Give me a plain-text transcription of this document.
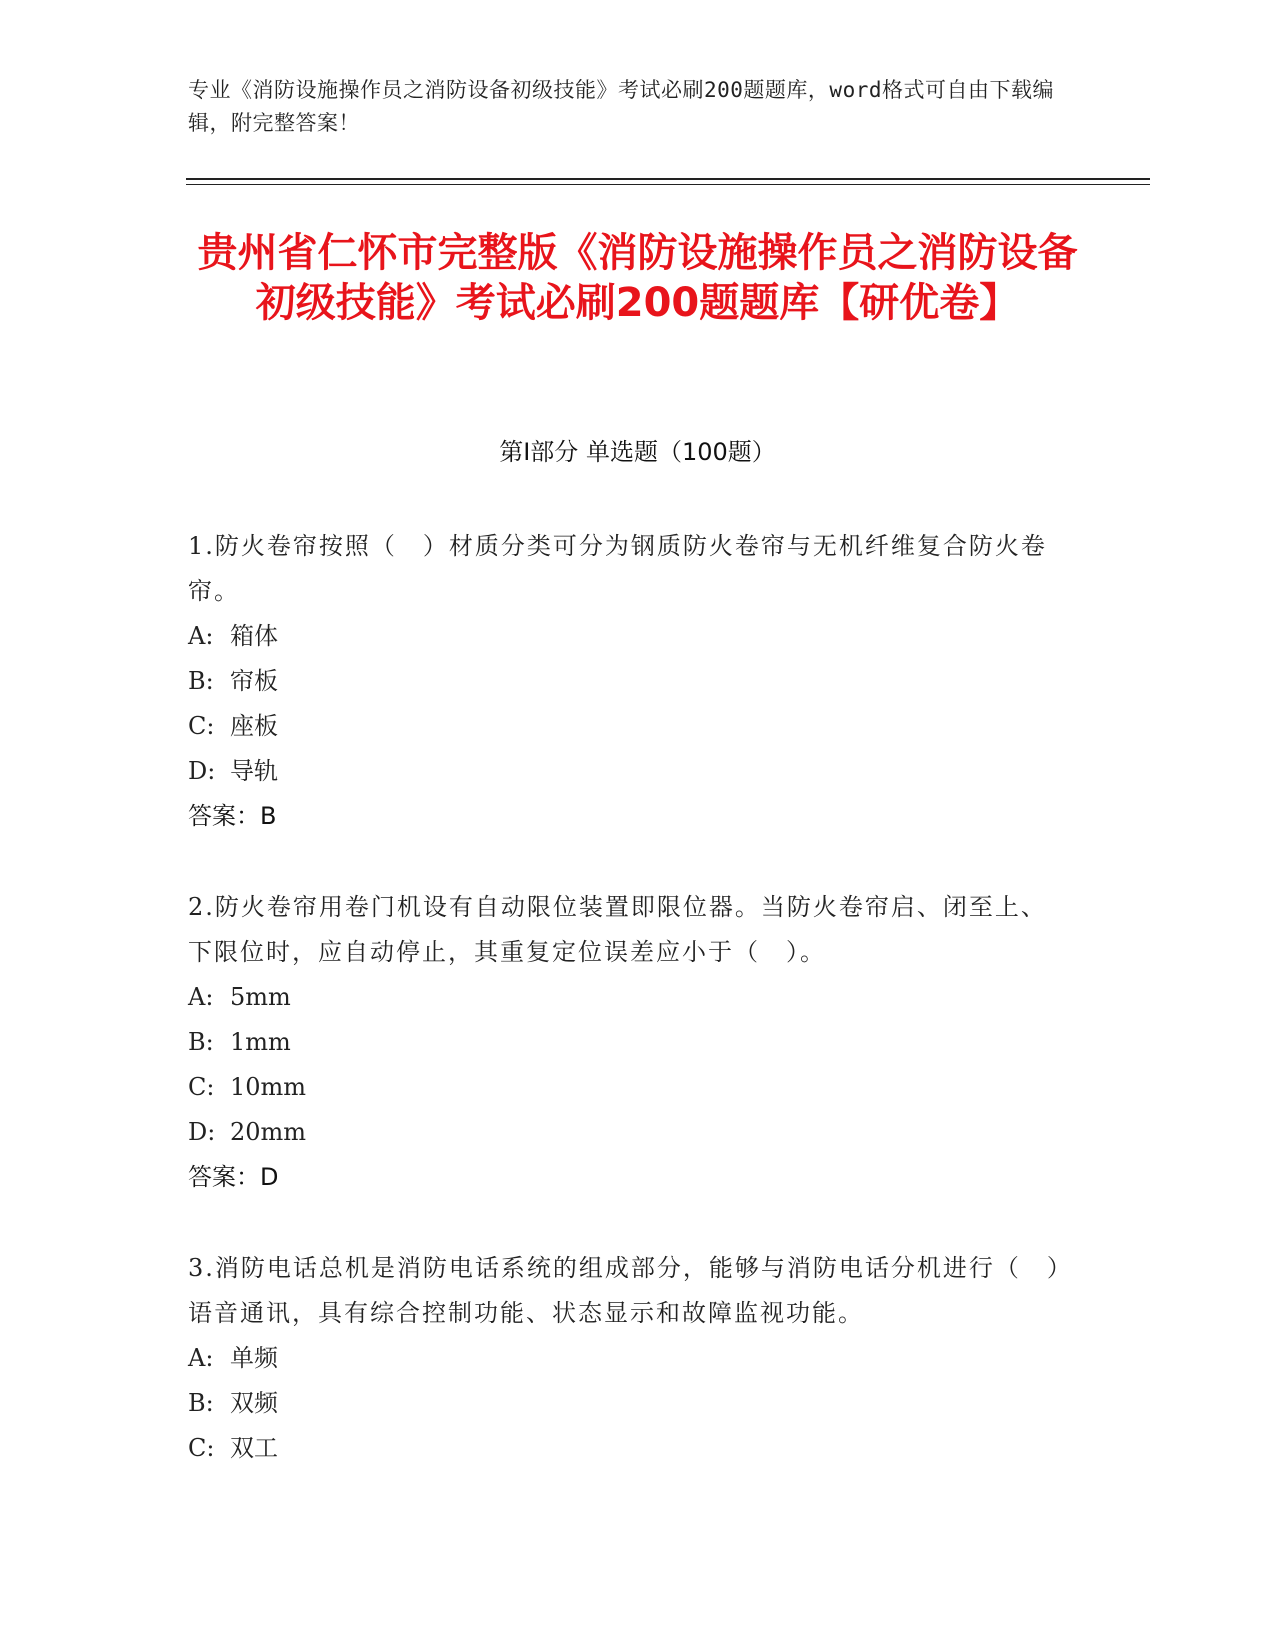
专业《消防设施操作员之消防设备初级技能》考试必刷200题题库，word格式可自由下载编辑，附完整答案！
贵州省仁怀市完整版《消防设施操作员之消防设备初级技能》考试必刷200题题库【研优卷】
第I部分 单选题（100题）
1.防火卷帘按照（　）材质分类可分为钢质防火卷帘与无机纤维复合防火卷帘。
A: 箱体
B: 帘板
C: 座板
D: 导轨
答案：B
2.防火卷帘用卷门机设有自动限位装置即限位器。当防火卷帘启、闭至上、下限位时，应自动停止，其重复定位误差应小于（　）。
A: 5mm
B: 1mm
C: 10mm
D: 20mm
答案：D
3.消防电话总机是消防电话系统的组成部分，能够与消防电话分机进行（　）语音通讯，具有综合控制功能、状态显示和故障监视功能。
A: 单频
B: 双频
C: 双工
